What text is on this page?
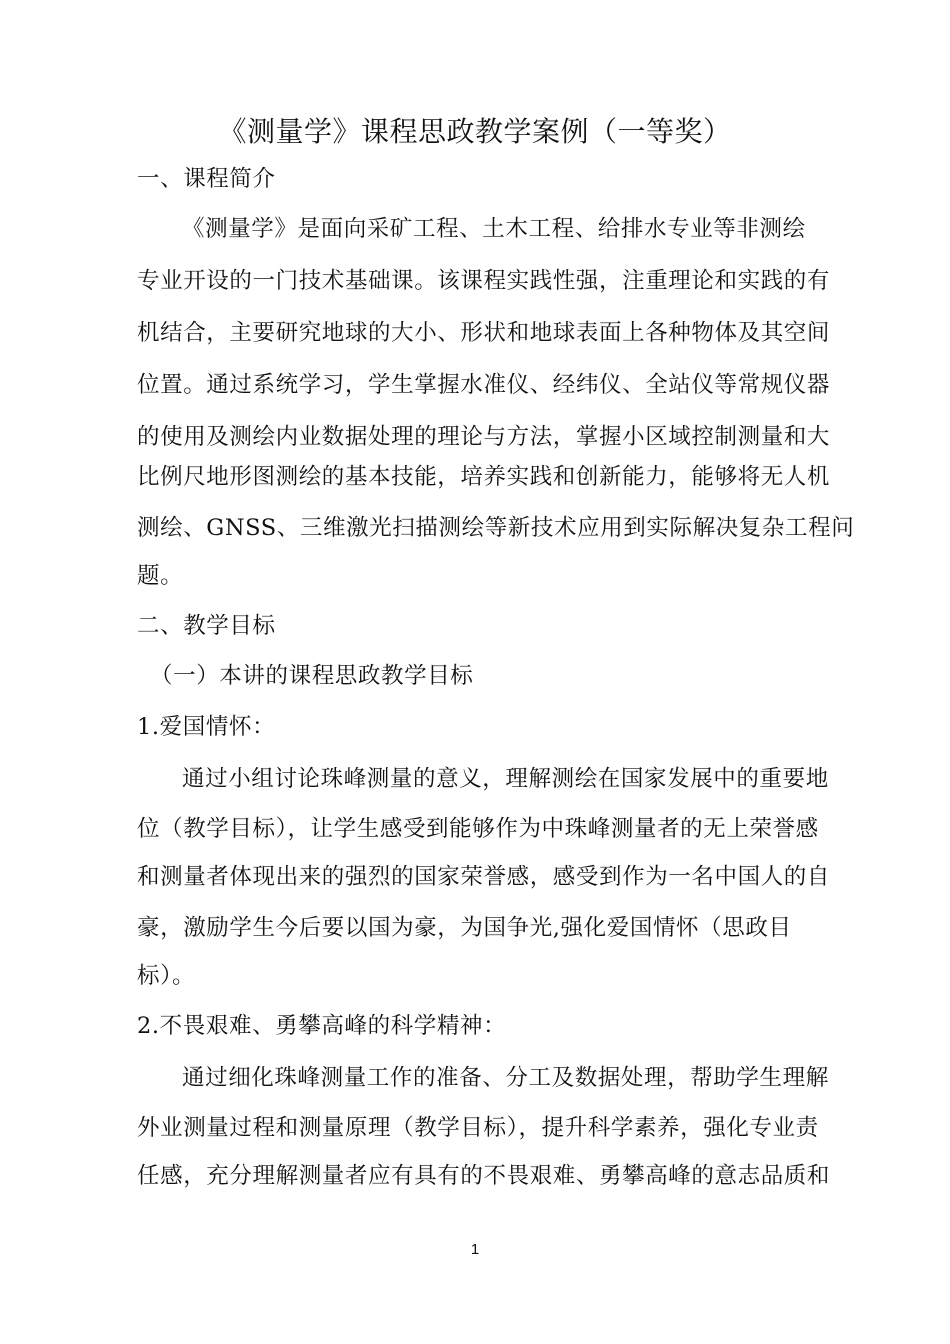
《测量学》课程思政教学案例（一等奖）
一、课程简介
《测量学》是面向采矿工程、土木工程、给排水专业等非测绘
专业开设的一门技术基础课。该课程实践性强，注重理论和实践的有
机结合，主要研究地球的大小、形状和地球表面上各种物体及其空间
位置。通过系统学习，学生掌握水准仪、经纬仪、全站仪等常规仪器
的使用及测绘内业数据处理的理论与方法，掌握小区域控制测量和大
比例尺地形图测绘的基本技能，培养实践和创新能力，能够将无人机
测绘、GNSS、三维激光扫描测绘等新技术应用到实际解决复杂工程问
题。
二、教学目标
（一）本讲的课程思政教学目标
1.爱国情怀：
通过小组讨论珠峰测量的意义，理解测绘在国家发展中的重要地
位（教学目标），让学生感受到能够作为中珠峰测量者的无上荣誉感
和测量者体现出来的强烈的国家荣誉感，感受到作为一名中国人的自
豪，激励学生今后要以国为豪，为国争光,强化爱国情怀（思政目
标）。
2.不畏艰难、勇攀高峰的科学精神：
通过细化珠峰测量工作的准备、分工及数据处理，帮助学生理解
外业测量过程和测量原理（教学目标），提升科学素养，强化专业责
任感，充分理解测量者应有具有的不畏艰难、勇攀高峰的意志品质和
1
